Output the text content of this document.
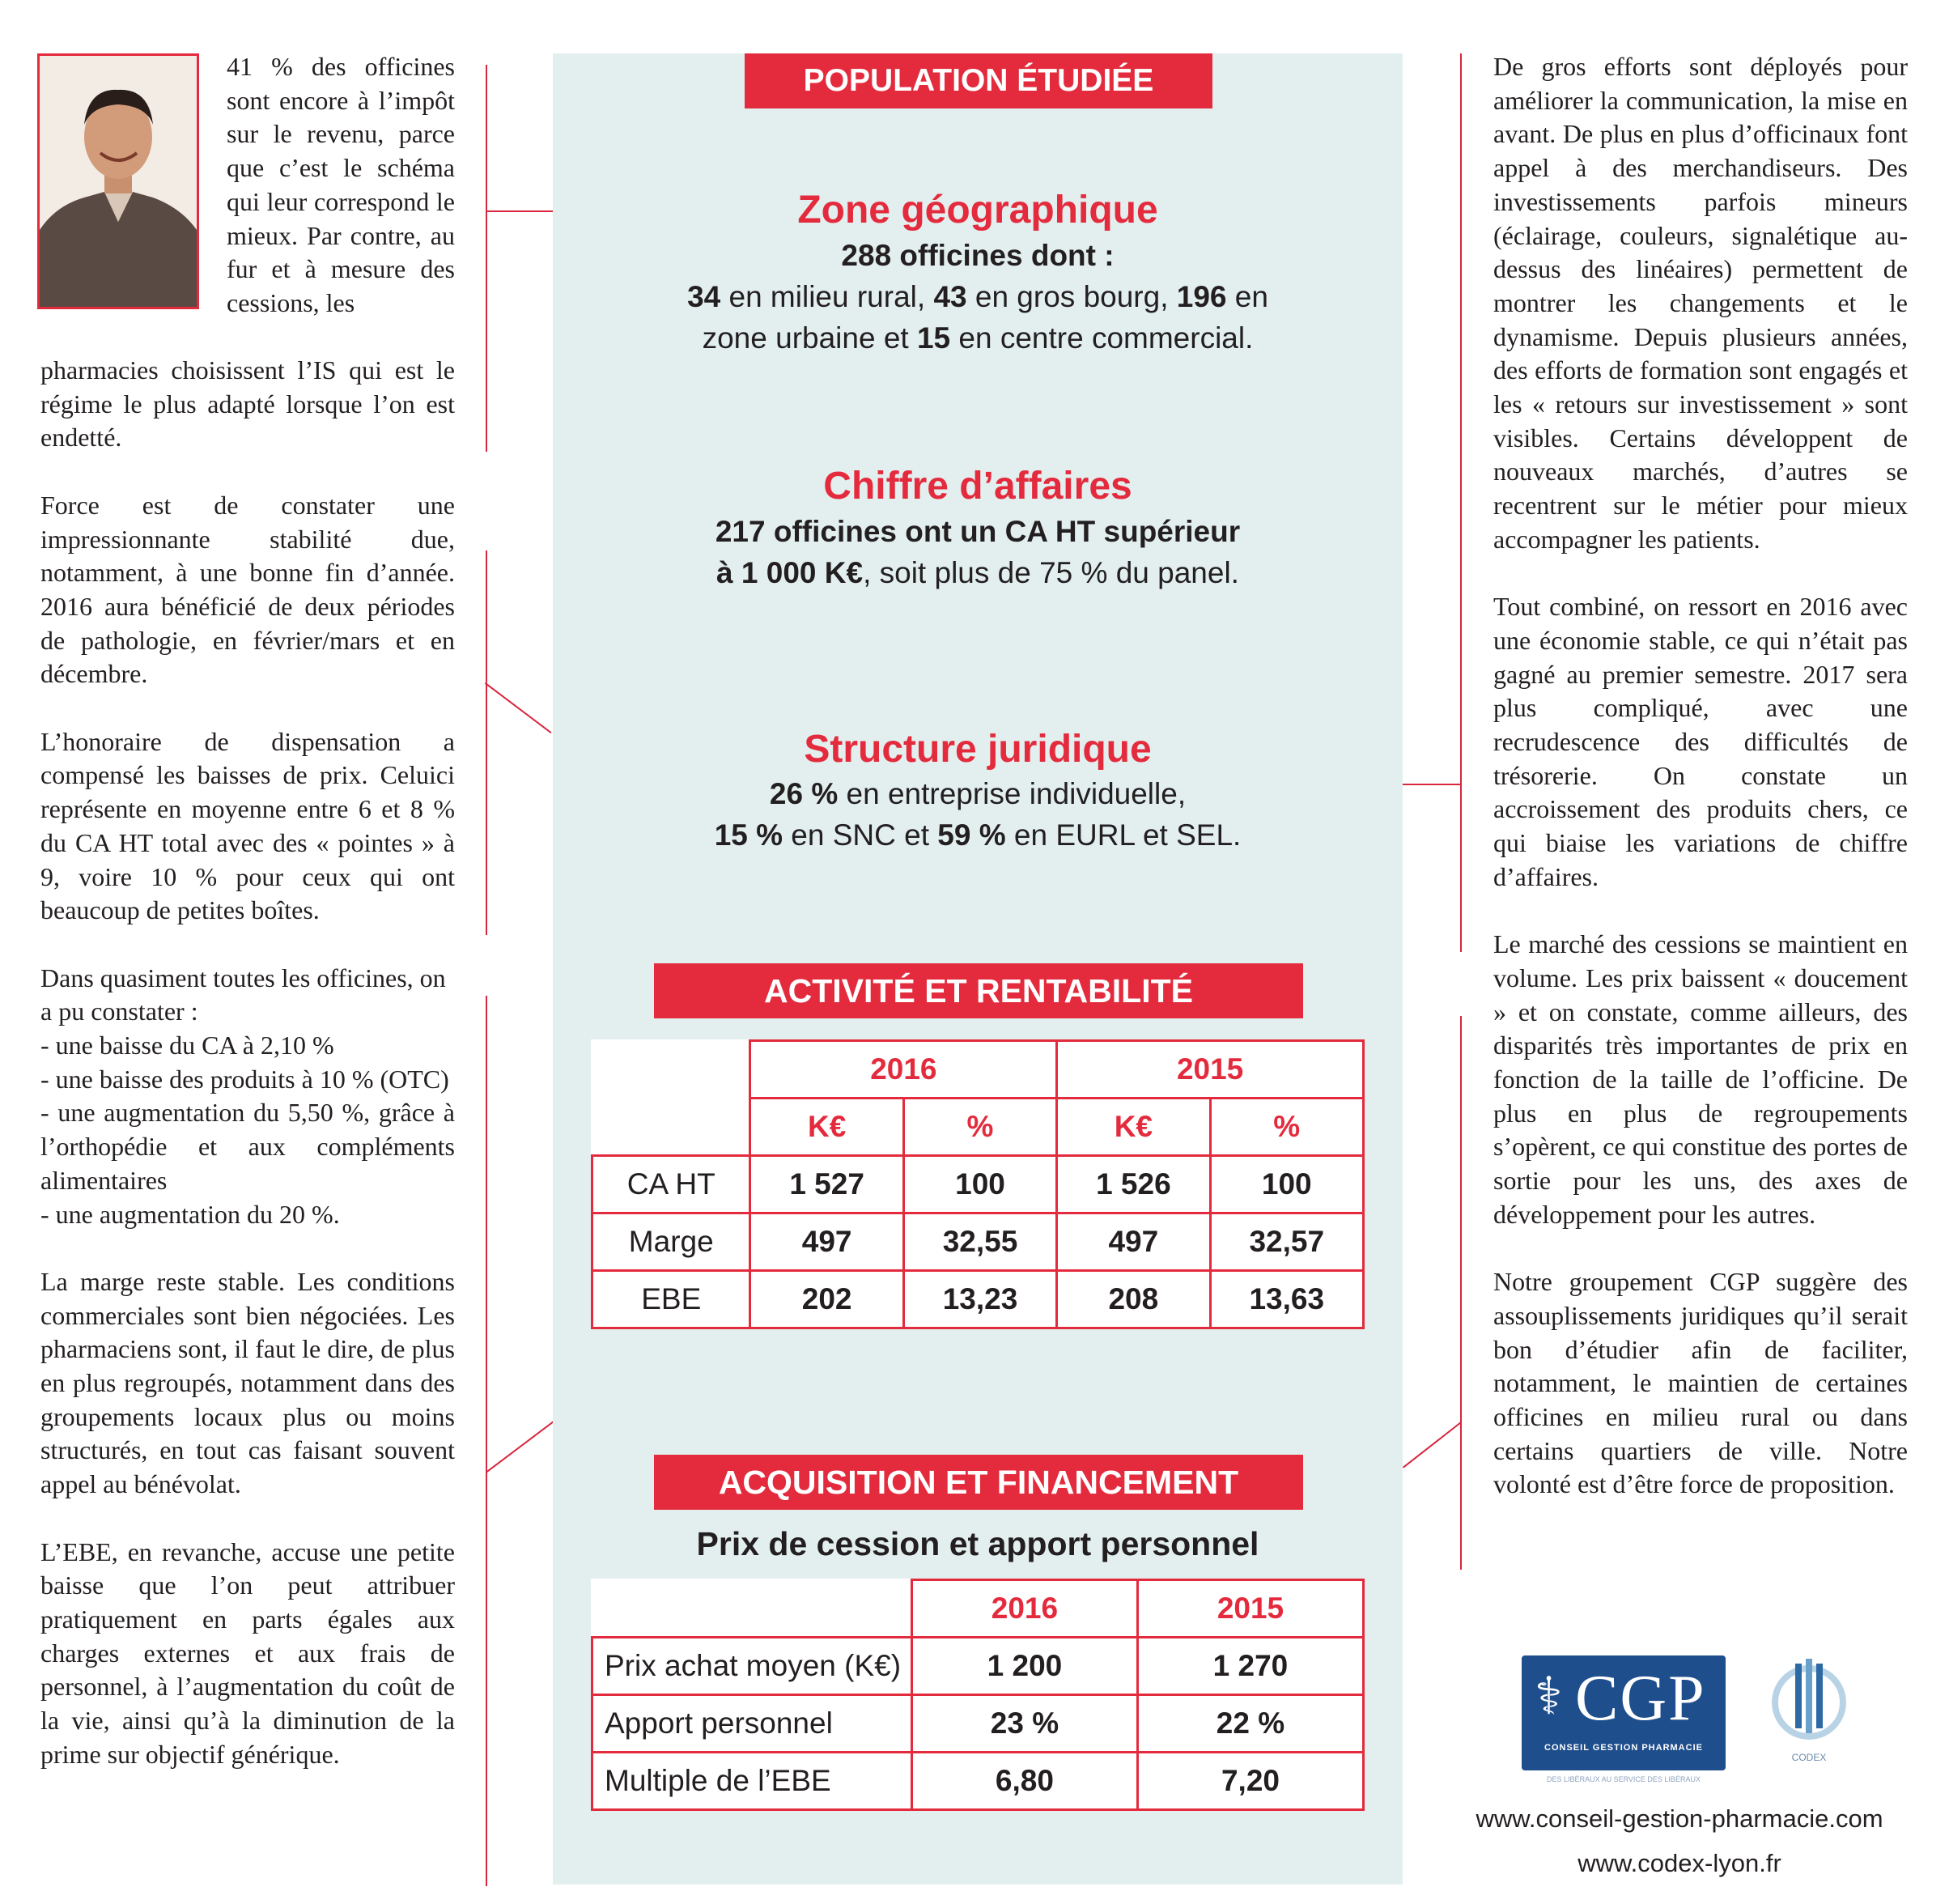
41 % des officines sont encore à l’impôt sur le revenu, parce que c’est le schéma qui leur correspond le mieux. Par contre, au fur et à mesure des cessions, les

pharmacies choisissent l’IS qui est le régime le plus adapté lorsque l’on est endetté.

Force est de constater une impressionnante stabilité due, notamment, à une bonne fin d’année. 2016 aura bénéficié de deux périodes de pathologie, en février/mars et en décembre.

L’honoraire de dispensation a compensé les baisses de prix. Celuici représente en moyenne entre 6 et 8 % du CA HT total avec des « pointes » à 9, voire 10 % pour ceux qui ont beaucoup de petites boîtes.

Dans quasiment toutes les officines, on a pu constater :

- une baisse du CA à 2,10 %

- une baisse des produits à 10 % (OTC)

- une augmentation du 5,50 %, grâce à l’orthopédie et aux compléments alimentaires

- une augmentation du 20 %.

La marge reste stable. Les conditions commerciales sont bien négociées. Les pharmaciens sont, il faut le dire, de plus en plus regroupés, notamment dans des groupements locaux plus ou moins structurés, en tout cas faisant souvent appel au bénévolat.

L’EBE, en revanche, accuse une petite baisse que l’on peut attribuer pratiquement en parts égales aux charges externes et aux frais de personnel, à l’augmentation du coût de la vie, ainsi qu’à la diminution de la prime sur objectif générique.

POPULATION ÉTUDIÉE
Zone géographique
288 officines dont :
34 en milieu rural, 43 en gros bourg, 196 en
zone urbaine et 15 en centre commercial.
Chiffre d’affaires
217 officines ont un CA HT supérieur
à 1 000 K€, soit plus de 75 % du panel.
Structure juridique
26 % en entreprise individuelle,
15 % en SNC et 59 % en EURL et SEL.
ACTIVITÉ ET RENTABILITÉ
	2016		2015	
	K€	%	K€	%
CA HT	1 527	100	1 526	100
Marge	497	32,55	497	32,57
EBE	202	13,23	208	13,63
ACQUISITION ET FINANCEMENT
Prix de cession et apport personnel
	2016	2015
Prix achat moyen (K€)	1 200	1 270
Apport personnel	23 %	22 %
Multiple de l’EBE	6,80	7,20

De gros efforts sont déployés pour améliorer la communication, la mise en avant. De plus en plus d’officinaux font appel à des merchandiseurs. Des investissements parfois mineurs (éclairage, couleurs, signalétique au-dessus des linéaires) permettent de montrer les changements et le dynamisme. Depuis plusieurs années, des efforts de formation sont engagés et les « retours sur investissement » sont visibles. Certains développent de nouveaux marchés, d’autres se recentrent sur le métier pour mieux accompagner les patients.

Tout combiné, on ressort en 2016 avec une économie stable, ce qui n’était pas gagné au premier semestre. 2017 sera plus compliqué, avec une recrudescence des difficultés de trésorerie. On constate un accroissement des produits chers, ce qui biaise les variations de chiffre d’affaires.

Le marché des cessions se maintient en volume. Les prix baissent « doucement » et on constate, comme ailleurs, des disparités très importantes de prix en fonction de la taille de l’officine. De plus en plus de regroupements s’opèrent, ce qui constitue des portes de sortie pour les uns, des axes de développement pour les autres.

Notre groupement CGP suggère des assouplissements juridiques qu’il serait bon d’étudier afin de faciliter, notamment, le maintien de certaines officines en milieu rural ou dans certains quartiers de ville. Notre volonté est d’être force de proposition.

⚕ CGP
CONSEIL GESTION PHARMACIE
DES LIBÉRAUX AU SERVICE DES LIBÉRAUX
CODEX
www.conseil-gestion-pharmacie.com
www.codex-lyon.fr
